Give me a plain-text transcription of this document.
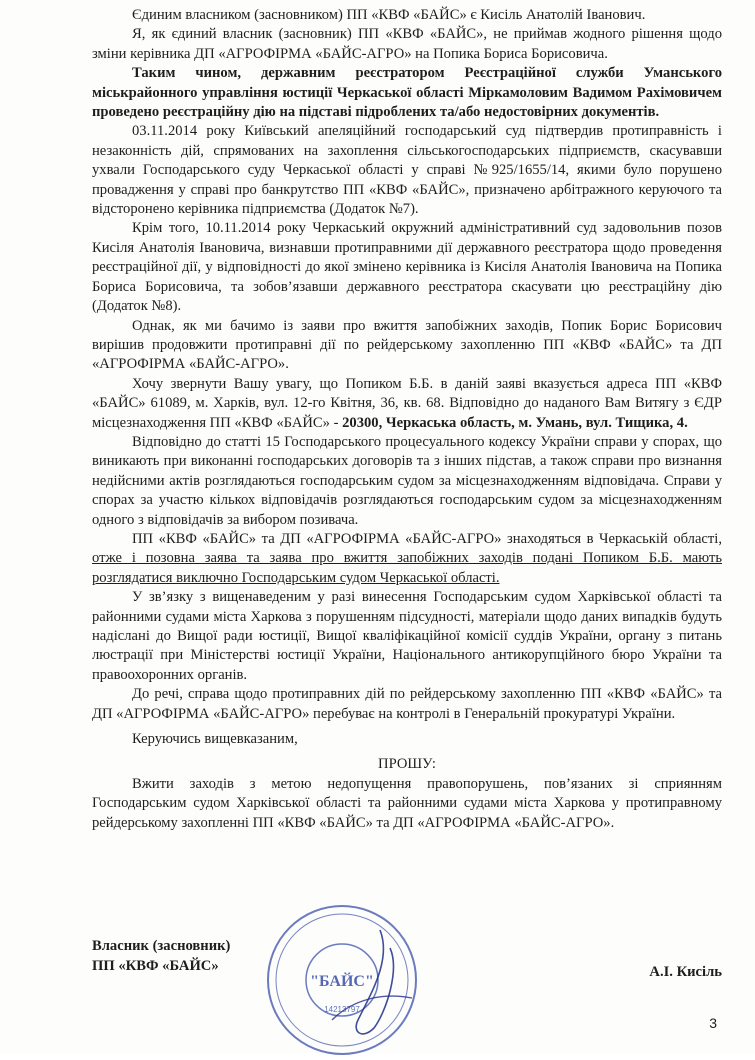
Єдиним власником (засновником) ПП «КВФ «БАЙС» є Кисіль Анатолій Іванович.

Я, як єдиний власник (засновник) ПП «КВФ «БАЙС», не приймав жодного рішення щодо зміни керівника ДП «АГРОФІРМА «БАЙС-АГРО» на Попика Бориса Борисовича.

Таким чином, державним реєстратором Реєстраційної служби Уманського міськрайонного управління юстиції Черкаської області Міркамоловим Вадимом Рахімовичем проведено реєстраційну дію на підставі підроблених та/або недостовірних документів.

03.11.2014 року Київський апеляційний господарський суд підтвердив протиправність і незаконність дій, спрямованих на захоплення сільськогосподарських підприємств, скасувавши ухвали Господарського суду Черкаської області у справі №925/1655/14, якими було порушено провадження у справі про банкрутство ПП «КВФ «БАЙС», призначено арбітражного керуючого та відсторонено керівника підприємства (Додаток №7).

Крім того, 10.11.2014 року Черкаський окружний адміністративний суд задовольнив позов Кисіля Анатолія Івановича, визнавши протиправними дії державного реєстратора щодо проведення реєстраційної дії, у відповідності до якої змінено керівника із Кисіля Анатолія Івановича на Попика Бориса Борисовича, та зобов’язавши державного реєстратора скасувати цю реєстраційну дію (Додаток №8).

Однак, як ми бачимо із заяви про вжиття запобіжних заходів, Попик Борис Борисович вирішив продовжити протиправні дії по рейдерському захопленню ПП «КВФ «БАЙС» та ДП «АГРОФІРМА «БАЙС-АГРО».

Хочу звернути Вашу увагу, що Попиком Б.Б. в даній заяві вказується адреса ПП «КВФ «БАЙС» 61089, м. Харків, вул. 12-го Квітня, 36, кв. 68. Відповідно до наданого Вам Витягу з ЄДР місцезнаходження ПП «КВФ «БАЙС» - 20300, Черкаська область, м. Умань, вул. Тищика, 4.

Відповідно до статті 15 Господарського процесуального кодексу України справи у спорах, що виникають при виконанні господарських договорів та з інших підстав, а також справи про визнання недійсними актів розглядаються господарським судом за місцезнаходженням відповідача. Справи у спорах за участю кількох відповідачів розглядаються господарським судом за місцезнаходженням одного з відповідачів за вибором позивача.

ПП «КВФ «БАЙС» та ДП «АГРОФІРМА «БАЙС-АГРО» знаходяться в Черкаській області, отже і позовна заява та заява про вжиття запобіжних заходів подані Попиком Б.Б. мають розглядатися виключно Господарським судом Черкаської області.

У зв’язку з вищенаведеним у разі винесення Господарським судом Харківської області та районними судами міста Харкова з порушенням підсудності, матеріали щодо даних випадків будуть надіслані до Вищої ради юстиції, Вищої кваліфікаційної комісії суддів України, органу з питань люстрації при Міністерстві юстиції України, Національного антикорупційного бюро України та правоохоронних органів.

До речі, справа щодо протиправних дій по рейдерському захопленню ПП «КВФ «БАЙС» та ДП «АГРОФІРМА «БАЙС-АГРО» перебуває на контролі в Генеральній прокуратурі України.

Керуючись вищевказаним,

ПРОШУ:

Вжити заходів з метою недопущення правопорушень, пов’язаних зі сприянням Господарським судом Харківської області та районними судами міста Харкова у протиправному рейдерському захопленні ПП «КВФ «БАЙС» та ДП «АГРОФІРМА «БАЙС-АГРО».

"БАЙС"
14213797
Власник (засновник)
ПП «КВФ «БАЙС»	А.І. Кисіль
3
